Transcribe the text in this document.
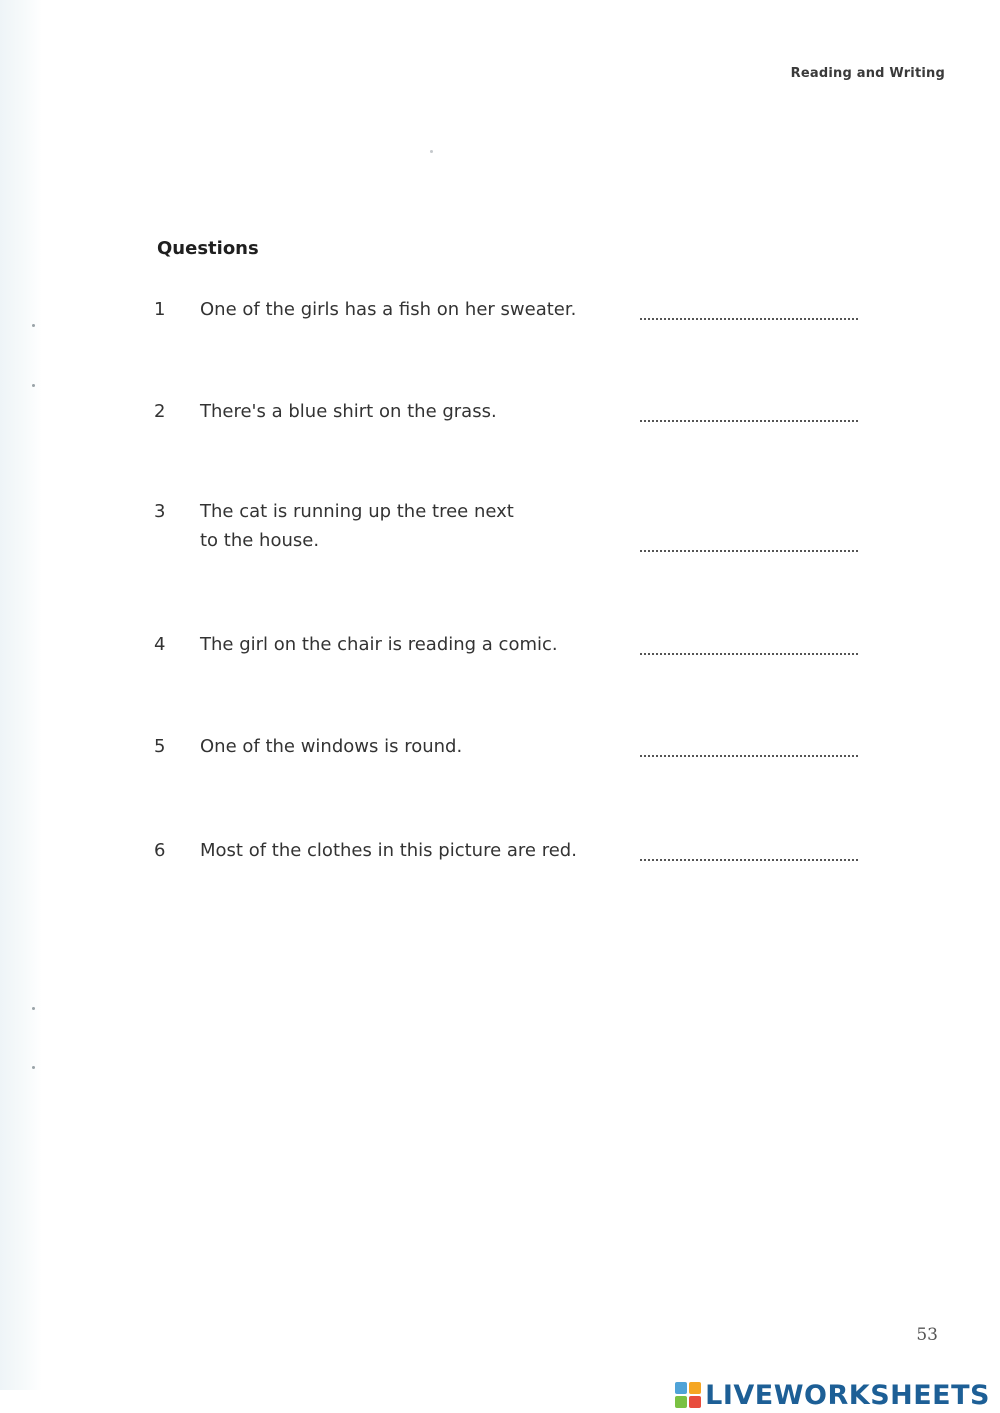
Reading and Writing
Questions
1	One of the girls has a fish on her sweater.
2	There's a blue shirt on the grass.
3	The cat is running up the tree next
to the house.
4	The girl on the chair is reading a comic.
5	One of the windows is round.
6	Most of the clothes in this picture are red.
53
LIVEWORKSHEETS
